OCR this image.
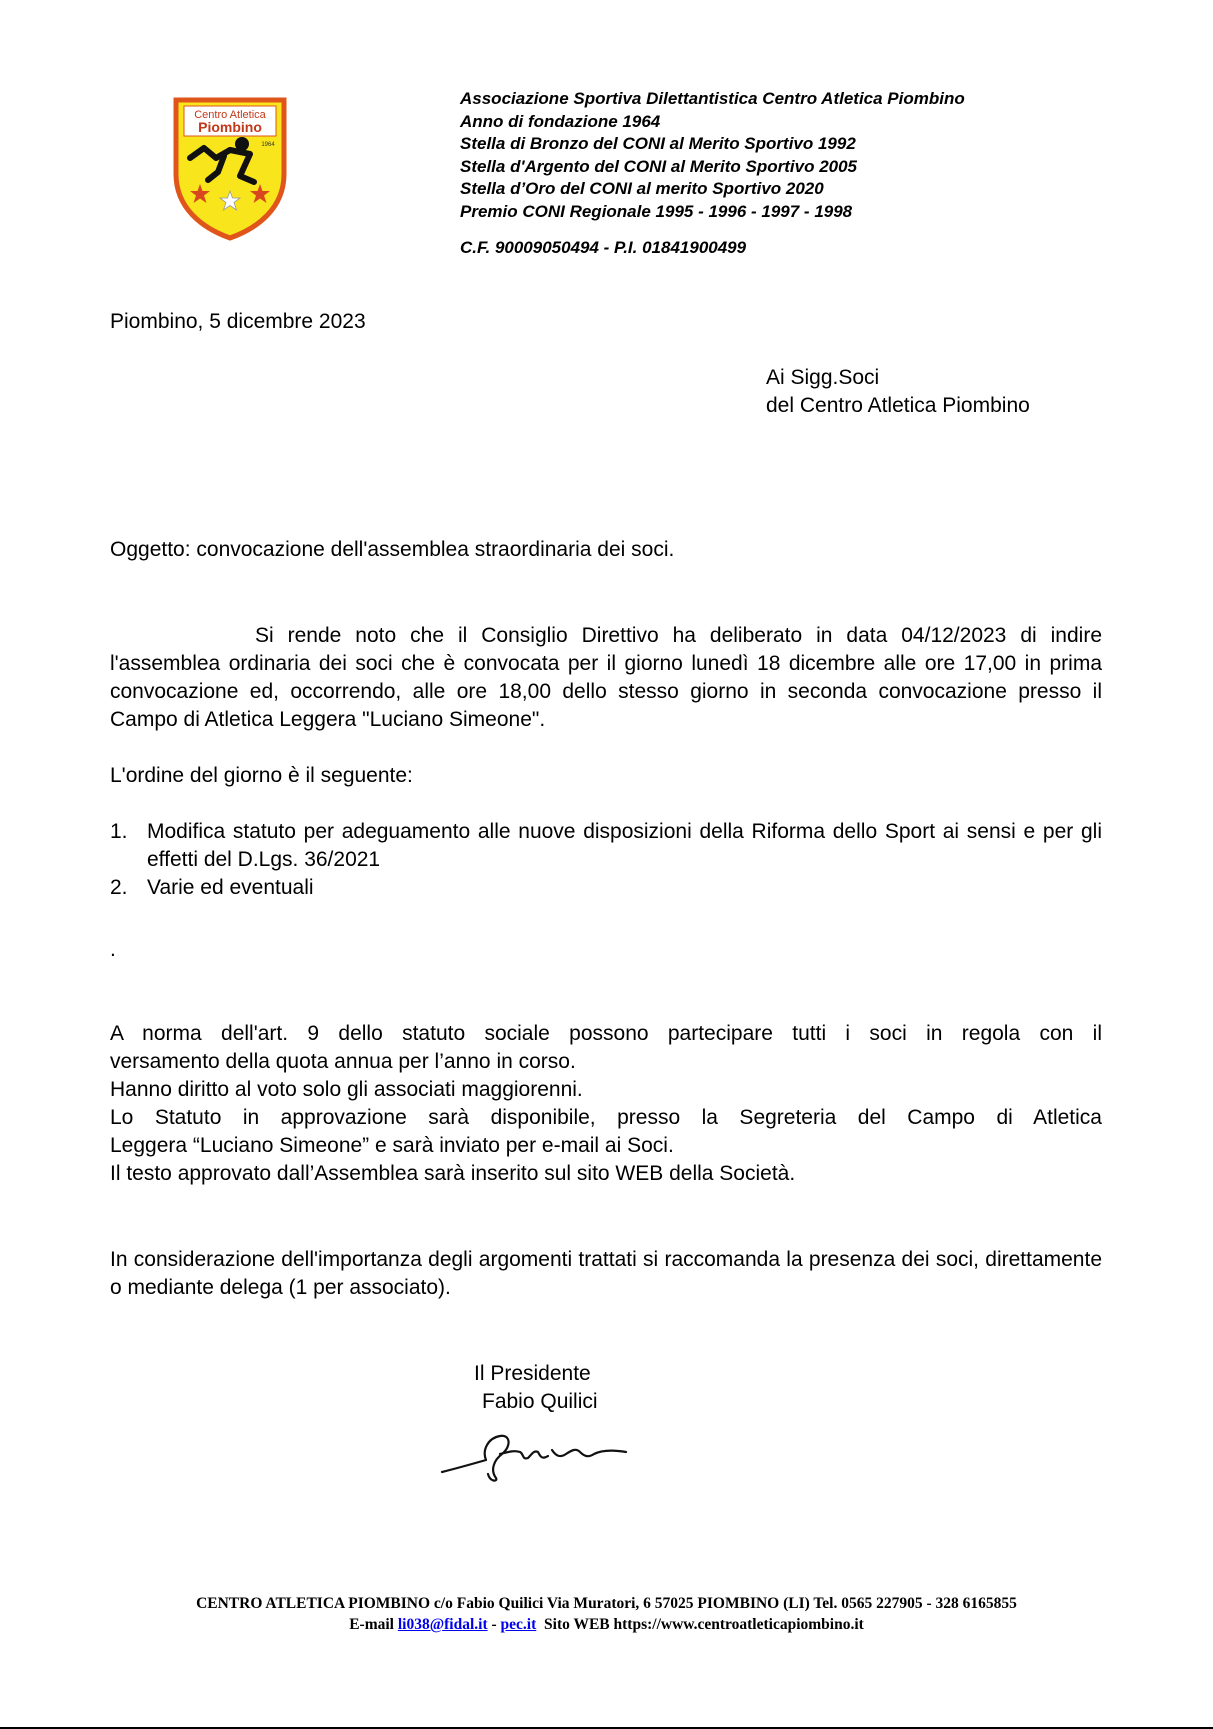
Centro Atletica
Piombino
1964
Associazione Sportiva Dilettantistica Centro Atletica Piombino
Anno di fondazione 1964
Stella di Bronzo del CONI al Merito Sportivo 1992
Stella d'Argento del CONI al Merito Sportivo 2005
Stella d’Oro del CONI al merito Sportivo 2020
Premio CONI Regionale 1995 - 1996 - 1997 - 1998
C.F. 90009050494 - P.I. 01841900499
Piombino, 5 dicembre 2023
Ai Sigg.Soci
del Centro Atletica Piombino
Oggetto: convocazione dell'assemblea straordinaria dei soci.
Si rende noto che il Consiglio Direttivo ha deliberato in data 04/12/2023 di indire l'assemblea ordinaria dei soci che è convocata per il giorno lunedì 18 dicembre alle ore 17,00 in prima convocazione ed, occorrendo, alle ore 18,00 dello stesso giorno in seconda convocazione presso il Campo di Atletica Leggera "Luciano Simeone".
L'ordine del giorno è il seguente:
1. Modifica statuto per adeguamento alle nuove disposizioni della Riforma dello Sport ai sensi e per gli effetti del D.Lgs. 36/2021
2. Varie ed eventuali
.
A norma dell'art. 9 dello statuto sociale possono partecipare tutti i soci in regola con il
versamento della quota annua per l’anno in corso.
Hanno diritto al voto solo gli associati maggiorenni.
Lo Statuto in approvazione sarà disponibile, presso la Segreteria del Campo di Atletica
Leggera “Luciano Simeone” e sarà inviato per e-mail ai Soci.
Il testo approvato dall’Assemblea sarà inserito sul sito WEB della Società.
In considerazione dell'importanza degli argomenti trattati si raccomanda la presenza dei soci, direttamente o mediante delega (1 per associato).
Il Presidente
Fabio Quilici
CENTRO ATLETICA PIOMBINO c/o Fabio Quilici Via Muratori, 6 57025 PIOMBINO (LI) Tel. 0565 227905 - 328 6165855
E-mail li038@fidal.it - pec.it  Sito WEB https://www.centroatleticapiombino.it
